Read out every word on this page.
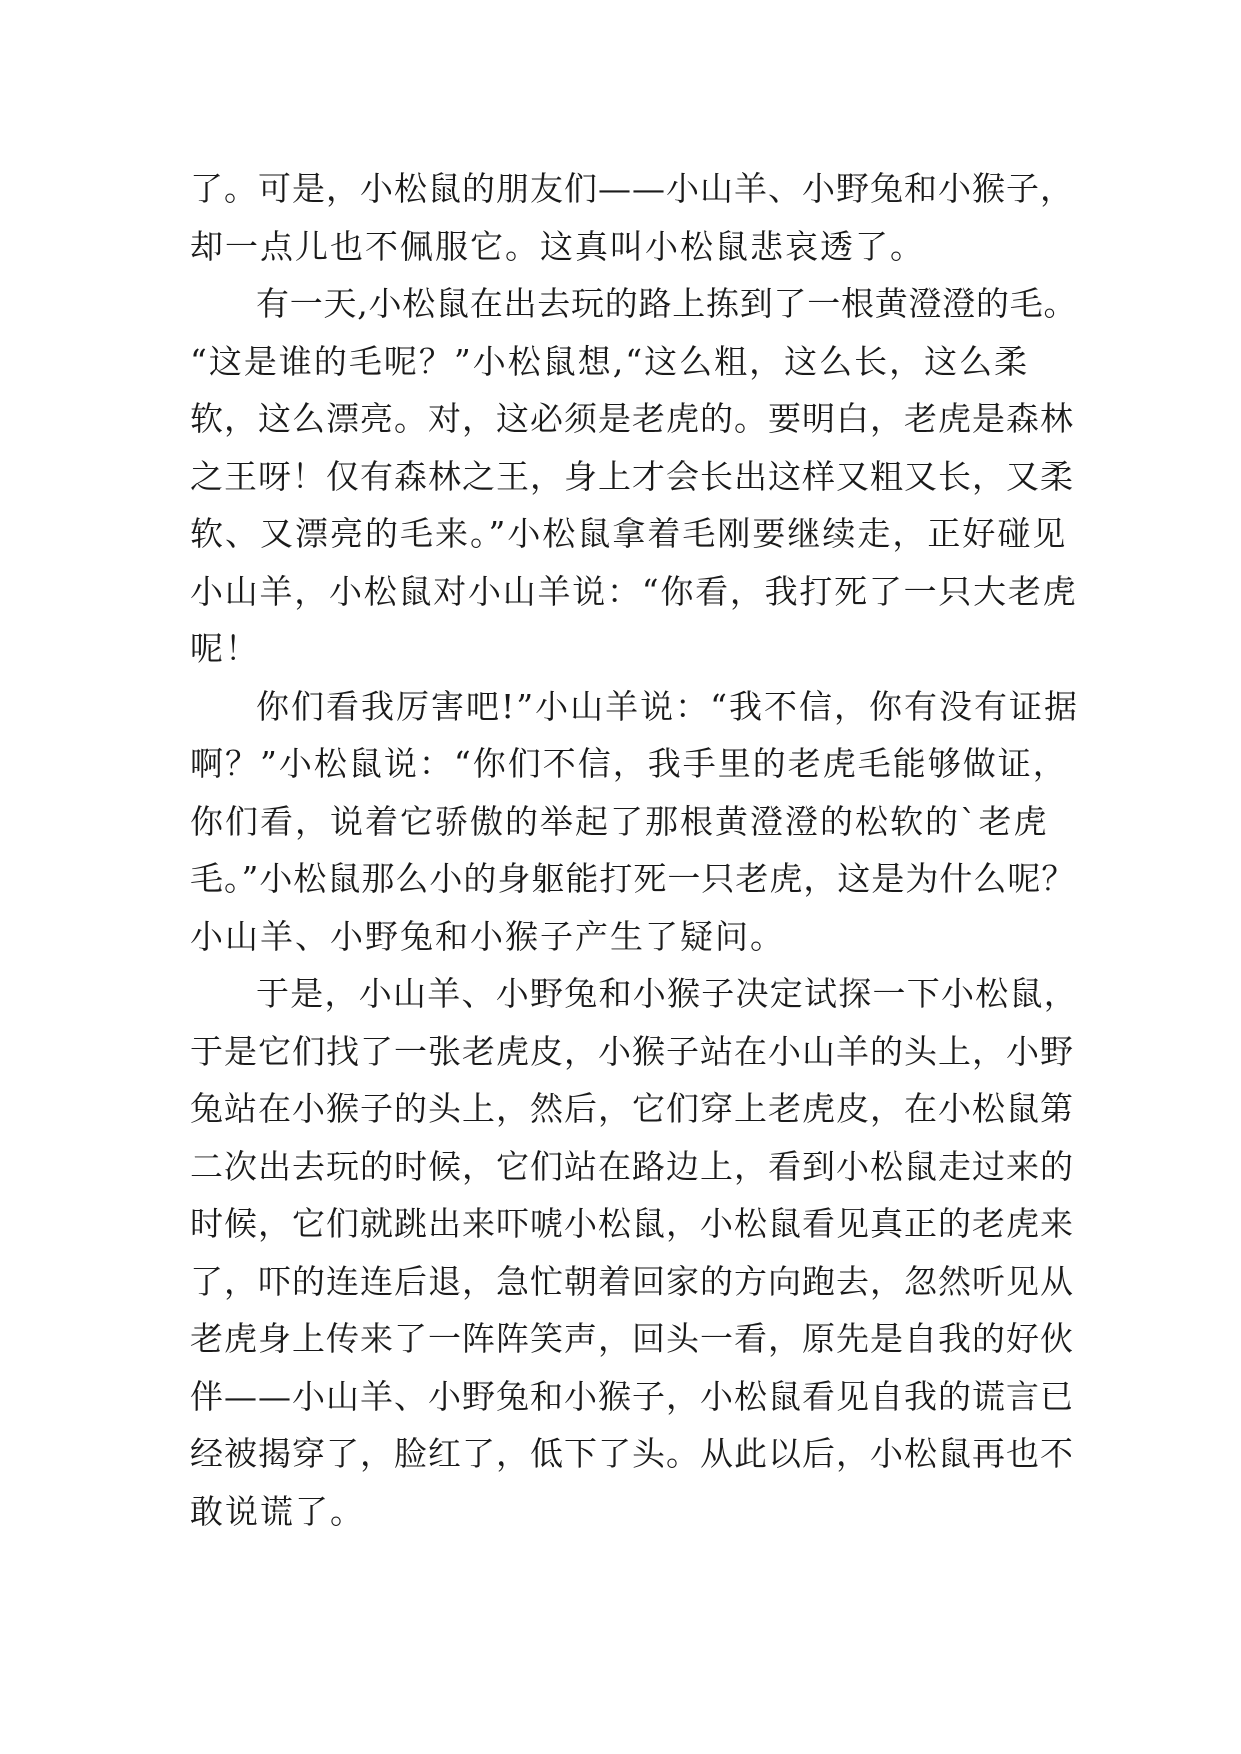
了。可是，小松鼠的朋友们——小山羊、小野兔和小猴子，
却一点儿也不佩服它。这真叫小松鼠悲哀透了。
有一天,小松鼠在出去玩的路上拣到了一根黄澄澄的毛。
“这是谁的毛呢？”小松鼠想,“这么粗，这么长，这么柔
软，这么漂亮。对，这必须是老虎的。要明白，老虎是森林
之王呀！仅有森林之王，身上才会长出这样又粗又长，又柔
软、又漂亮的毛来。”小松鼠拿着毛刚要继续走，正好碰见
小山羊，小松鼠对小山羊说：“你看，我打死了一只大老虎
呢！
你们看我厉害吧!”小山羊说：“我不信，你有没有证据
啊？”小松鼠说：“你们不信，我手里的老虎毛能够做证，
你们看，说着它骄傲的举起了那根黄澄澄的松软的`老虎
毛。”小松鼠那么小的身躯能打死一只老虎，这是为什么呢？
小山羊、小野兔和小猴子产生了疑问。
于是，小山羊、小野兔和小猴子决定试探一下小松鼠，
于是它们找了一张老虎皮，小猴子站在小山羊的头上，小野
兔站在小猴子的头上，然后，它们穿上老虎皮，在小松鼠第
二次出去玩的时候，它们站在路边上，看到小松鼠走过来的
时候，它们就跳出来吓唬小松鼠，小松鼠看见真正的老虎来
了，吓的连连后退，急忙朝着回家的方向跑去，忽然听见从
老虎身上传来了一阵阵笑声，回头一看，原先是自我的好伙
伴——小山羊、小野兔和小猴子，小松鼠看见自我的谎言已
经被揭穿了，脸红了，低下了头。从此以后，小松鼠再也不
敢说谎了。
